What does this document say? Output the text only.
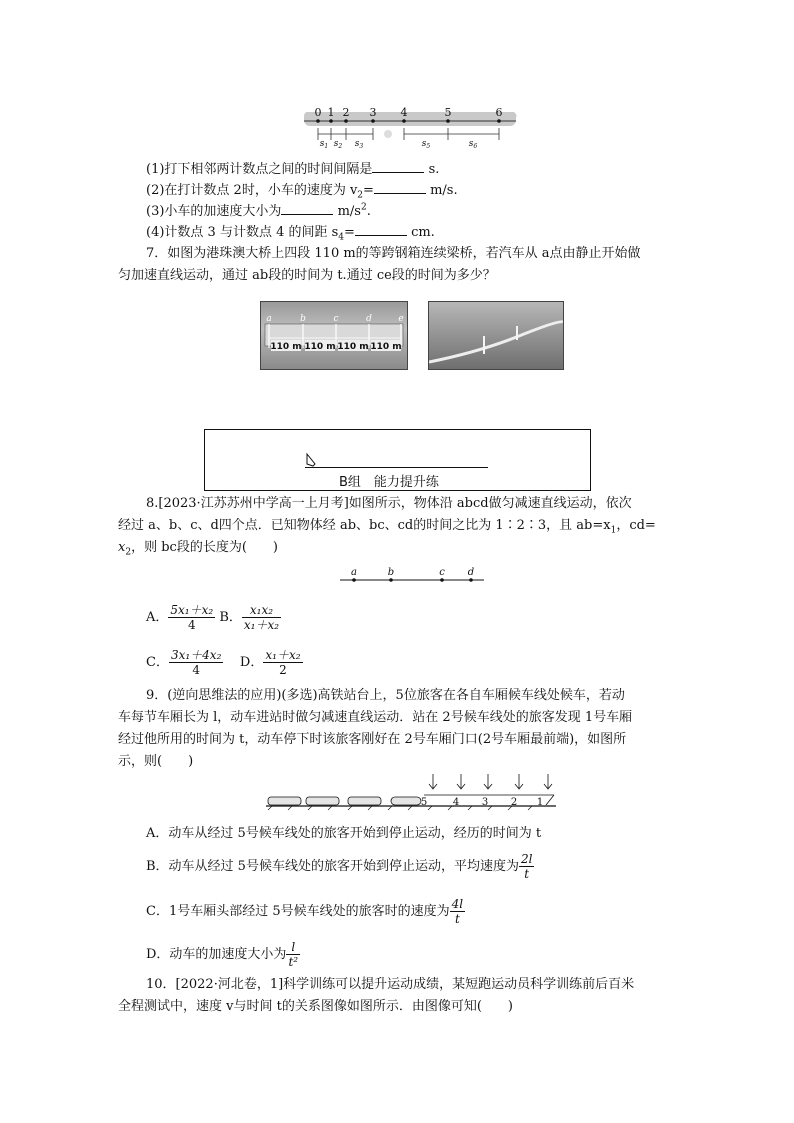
0 1 2 3 4	5	6
$s_1$ $s_2$ $s_3$	$s_5$	$s_6$
(1)打下相邻两计数点之间的时间间隔是	s.
(2)在打计数点 2时，小车的速度为 $v_2=$	m/s.
(3)小车的加速度大小为	$m/s^2$.
(4)计数点 3 与计数点 4 的间距 $s_4=$	cm.
7．如图为港珠澳大桥上四段 110 m的等跨钢箱连续梁桥，若汽车从 a点由静止开始做
匀加速直线运动，通过 ab段的时间为 t.通过 ce段的时间为多少？
a	b	c	d	e
110 m 110 m 110 m 110 m
B组　能力提升练
8.[2023·江苏苏州中学高一上月考]如图所示，物体沿 abcd做匀减速直线运动，依次
经过 a、b、c、d四个点．已知物体经 ab、bc、cd的时间之比为 1∶2∶3，且 $ab=x_1$，cd=
$x_2$，则 bc段的长度为(　　)
a	b	c d
A． $\frac{\text{5x₁＋x₂}}{4}$ B． $\frac{\text{x₁x₂}}{\text{x₁＋x₂}}$
C． $\frac{\text{3x₁＋4x₂}}{4}$ D． $\frac{\text{x₁＋x₂}}{2}$
9．(逆向思维法的应用)(多选)高铁站台上，5位旅客在各自车厢候车线处候车，若动
车每节车厢长为 l，动车进站时做匀减速直线运动．站在 2号候车线处的旅客发现 1号车厢
经过他所用的时间为 t，动车停下时该旅客刚好在 2号车厢门口(2号车厢最前端)，如图所
示，则(　　)
5	4 3 2 1
A．动车从经过 5号候车线处的旅客开始到停止运动，经历的时间为 t
B．动车从经过 5号候车线处的旅客开始到停止运动，平均速度为 $\frac{2l}{t}$
C．1号车厢头部经过 5号候车线处的旅客时的速度为 $\frac{4l}{t}$
D．动车的加速度大小为 $\frac{l}{\text{t²}}$
10．[2022·河北卷，1]科学训练可以提升运动成绩，某短跑运动员科学训练前后百米
全程测试中，速度 v与时间 t的关系图像如图所示．由图像可知(　　)
